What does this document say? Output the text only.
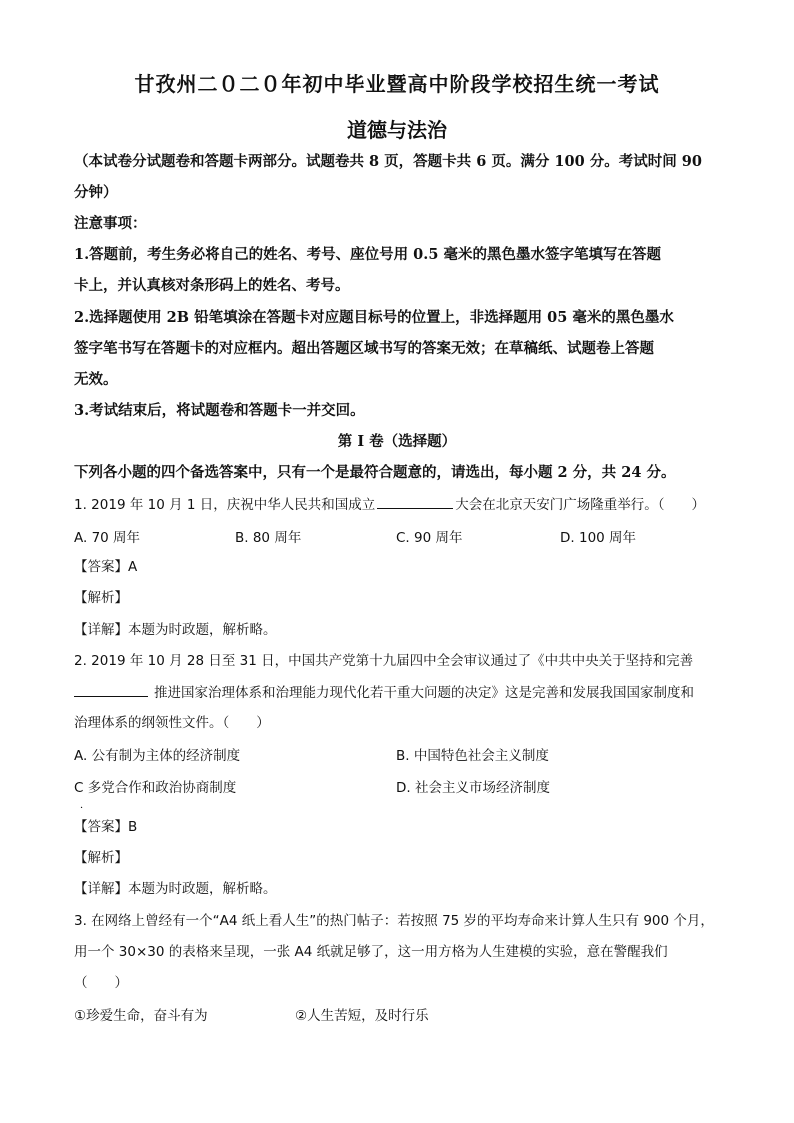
甘孜州二０二０年初中毕业暨高中阶段学校招生统一考试
道德与法治
（本试卷分试题卷和答题卡两部分。试题卷共 8 页，答题卡共 6 页。满分 100 分。考试时间 90
分钟）
注意事项：
1.答题前，考生务必将自己的姓名、考号、座位号用 0.5 毫米的黑色墨水签字笔填写在答题
卡上，并认真核对条形码上的姓名、考号。
2.选择题使用 2B 铅笔填涂在答题卡对应题目标号的位置上，非选择题用 05 毫米的黑色墨水
签字笔书写在答题卡的对应框内。超出答题区域书写的答案无效；在草稿纸、试题卷上答题
无效。
3.考试结束后，将试题卷和答题卡一并交回。
第 I 卷（选择题）
下列各小题的四个备选答案中，只有一个是最符合题意的，请选出，每小题 2 分，共 24 分。
1. 2019 年 10 月 1 日，庆祝中华人民共和国成立	大会在北京天安门广场隆重举行。（　　）
A. 70 周年	B. 80 周年	C. 90 周年	D. 100 周年
【答案】A
【解析】
【详解】本题为时政题，解析略。
2. 2019 年 10 月 28 日至 31 日，中国共产党第十九届四中全会审议通过了《中共中央关于坚持和完善
推进国家治理体系和治理能力现代化若干重大问题的决定》这是完善和发展我国国家制度和
治理体系的纲领性文件。（　　）
A. 公有制为主体的经济制度	B. 中国特色社会主义制度
C 多党合作和政治协商制度	D. 社会主义市场经济制度
．
【答案】B
【解析】
【详解】本题为时政题，解析略。
3. 在网络上曾经有一个“A4 纸上看人生”的热门帖子：若按照 75 岁的平均寿命来计算人生只有 900 个月，
用一个 30×30 的表格来呈现，一张 A4 纸就足够了，这一用方格为人生建模的实验，意在警醒我们
（　　）
①珍爱生命，奋斗有为	②人生苦短，及时行乐
